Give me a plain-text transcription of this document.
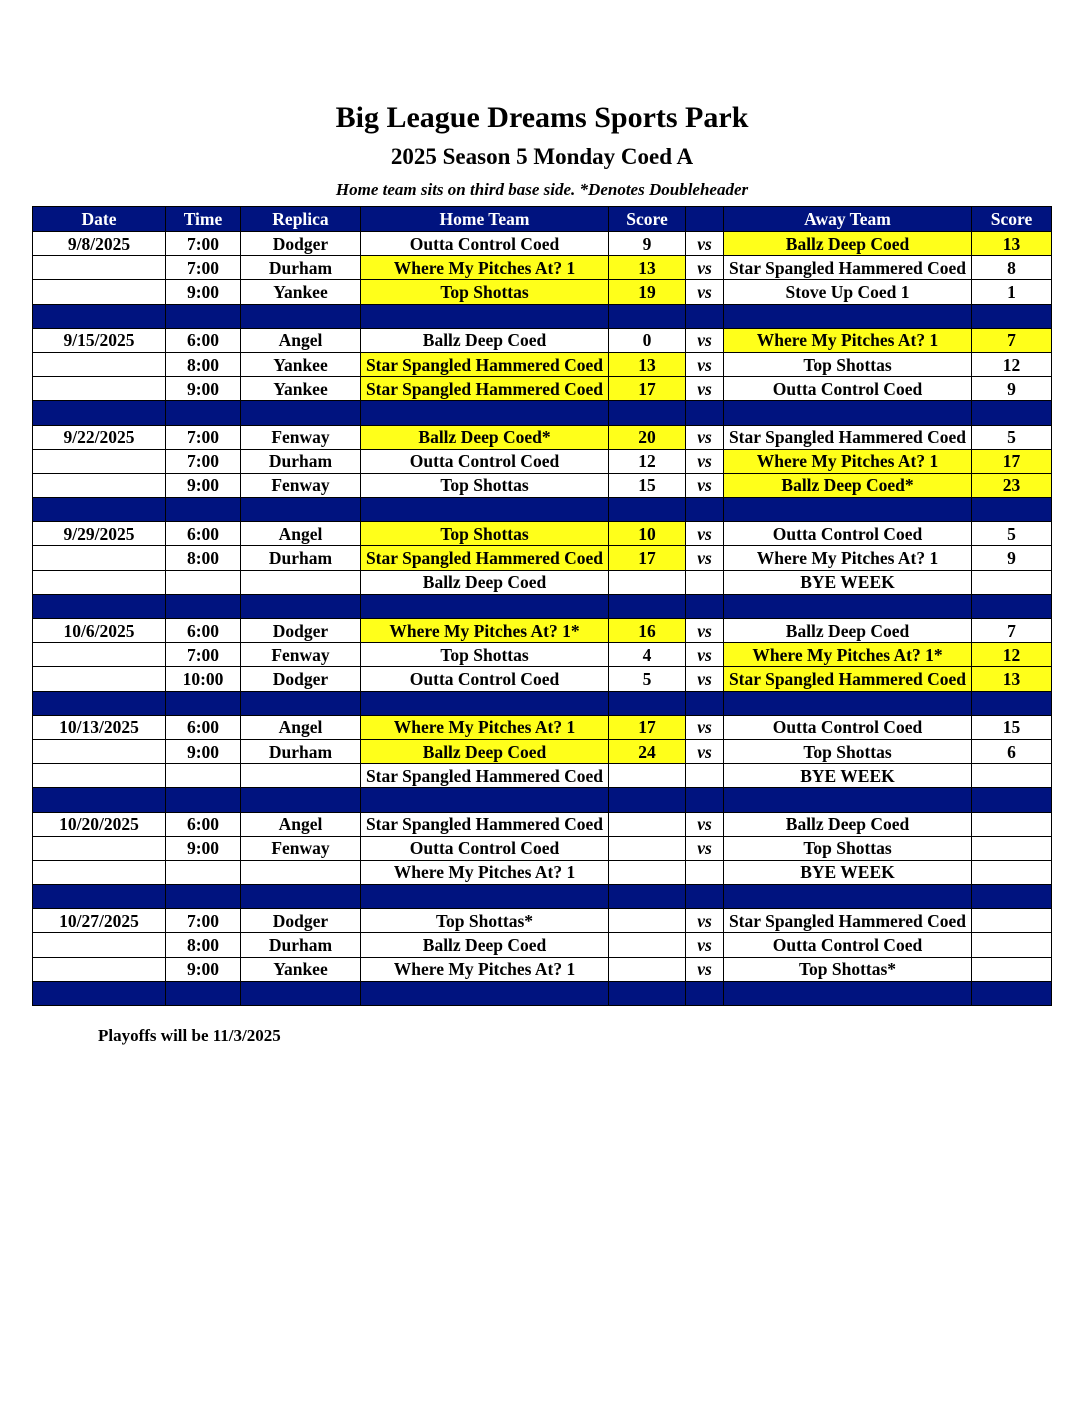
Big League Dreams Sports Park
2025 Season 5 Monday Coed A
Home team sits on third base side. *Denotes Doubleheader
Date	Time	Replica	Home Team	Score		Away Team	Score
9/8/2025	7:00	Dodger	Outta Control Coed	9	vs	Ballz Deep Coed	13
	7:00	Durham	Where My Pitches At? 1	13	vs	Star Spangled Hammered Coed	8
	9:00	Yankee	Top Shottas	19	vs	Stove Up Coed 1	1

9/15/2025	6:00	Angel	Ballz Deep Coed	0	vs	Where My Pitches At? 1	7
	8:00	Yankee	Star Spangled Hammered Coed	13	vs	Top Shottas	12
	9:00	Yankee	Star Spangled Hammered Coed	17	vs	Outta Control Coed	9

9/22/2025	7:00	Fenway	Ballz Deep Coed*	20	vs	Star Spangled Hammered Coed	5
	7:00	Durham	Outta Control Coed	12	vs	Where My Pitches At? 1	17
	9:00	Fenway	Top Shottas	15	vs	Ballz Deep Coed*	23

9/29/2025	6:00	Angel	Top Shottas	10	vs	Outta Control Coed	5
	8:00	Durham	Star Spangled Hammered Coed	17	vs	Where My Pitches At? 1	9
			Ballz Deep Coed			BYE WEEK	

10/6/2025	6:00	Dodger	Where My Pitches At? 1*	16	vs	Ballz Deep Coed	7
	7:00	Fenway	Top Shottas	4	vs	Where My Pitches At? 1*	12
	10:00	Dodger	Outta Control Coed	5	vs	Star Spangled Hammered Coed	13

10/13/2025	6:00	Angel	Where My Pitches At? 1	17	vs	Outta Control Coed	15
	9:00	Durham	Ballz Deep Coed	24	vs	Top Shottas	6
			Star Spangled Hammered Coed			BYE WEEK	

10/20/2025	6:00	Angel	Star Spangled Hammered Coed		vs	Ballz Deep Coed	
	9:00	Fenway	Outta Control Coed		vs	Top Shottas	
			Where My Pitches At? 1			BYE WEEK	

10/27/2025	7:00	Dodger	Top Shottas*		vs	Star Spangled Hammered Coed	
	8:00	Durham	Ballz Deep Coed		vs	Outta Control Coed	
	9:00	Yankee	Where My Pitches At? 1		vs	Top Shottas*	

Playoffs will be 11/3/2025
